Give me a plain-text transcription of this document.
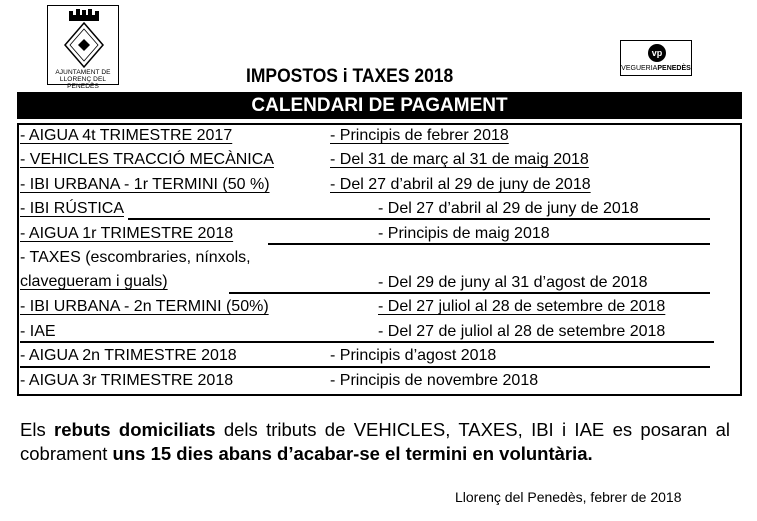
AJUNTAMENT DE
LLORENÇ DEL PENEDÈS
vp
VEGUERIAPENEDÈS
IMPOSTOS i TAXES 2018
CALENDARI DE PAGAMENT
- AIGUA 4t TRIMESTRE 2017	- Principis de febrer 2018
- VEHICLES TRACCIÓ MECÀNICA	- Del 31 de març al 31 de maig 2018
- IBI URBANA - 1r TERMINI (50 %)	- Del 27 d’abril al 29 de juny de 2018
- IBI RÚSTICA	- Del 27 d’abril al 29 de juny de 2018
- AIGUA 1r TRIMESTRE 2018	- Principis de maig 2018
- TAXES (escombraries, nínxols,
clavegueram i guals)	- Del 29 de juny al 31 d’agost de 2018
- IBI URBANA - 2n TERMINI (50%)	- Del 27 juliol al 28 de setembre de 2018
- IAE	- Del 27 de juliol al 28 de setembre 2018
- AIGUA 2n TRIMESTRE 2018	- Principis d’agost 2018
- AIGUA 3r TRIMESTRE 2018	- Principis de novembre 2018
Els rebuts domiciliats dels tributs de VEHICLES, TAXES, IBI i IAE es posaran al cobrament uns 15 dies abans d’acabar-se el termini en voluntària.
Llorenç del Penedès, febrer de 2018
